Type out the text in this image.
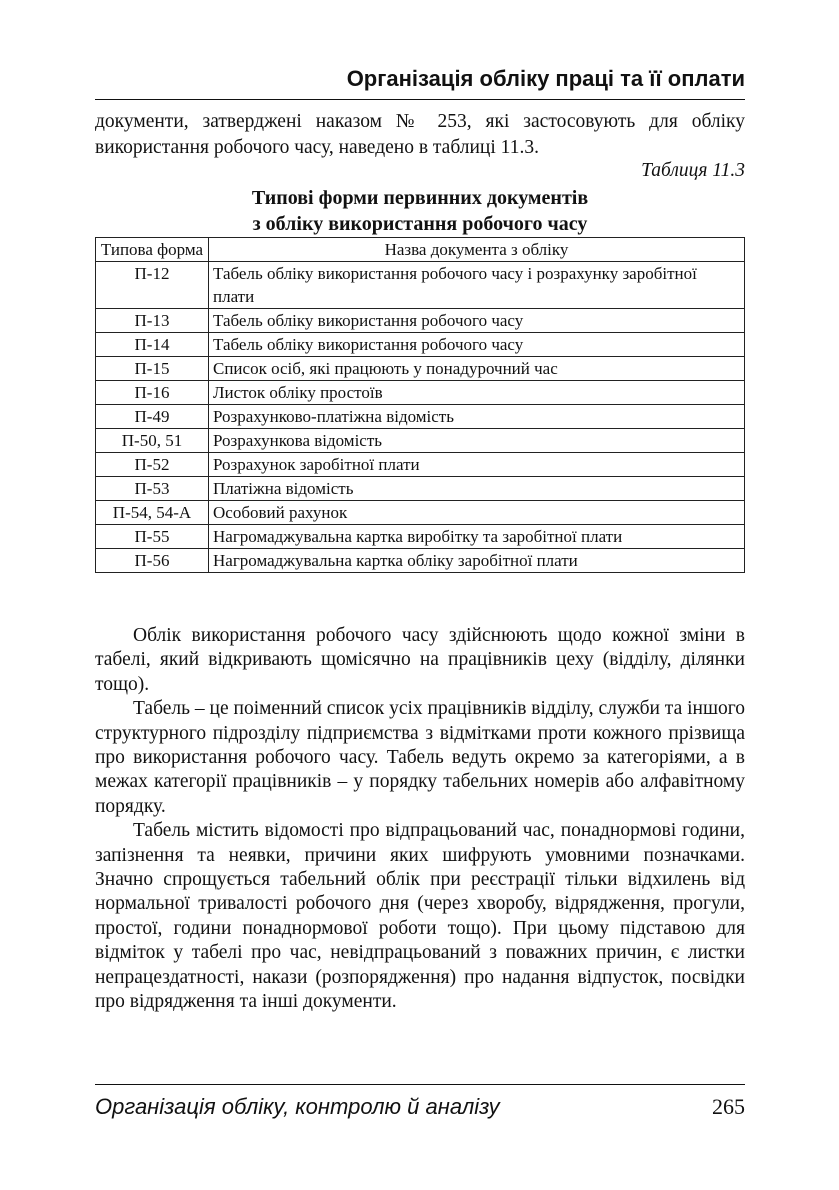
Організація обліку праці та її оплати
документи, затверджені наказом № 253, які застосовують для обліку використання робочого часу, наведено в таблиці 11.3.
Таблиця 11.3
Типові форми первинних документів
з обліку використання робочого часу
Типова форма	Назва документа з обліку
П-12	Табель обліку використання робочого часу і розрахунку заробітної плати
П-13	Табель обліку використання робочого часу
П-14	Табель обліку використання робочого часу
П-15	Список осіб, які працюють у понадурочний час
П-16	Листок обліку простоїв
П-49	Розрахунково-платіжна відомість
П-50, 51	Розрахункова відомість
П-52	Розрахунок заробітної плати
П-53	Платіжна відомість
П-54, 54-А	Особовий рахунок
П-55	Нагромаджувальна картка виробітку та заробітної плати
П-56	Нагромаджувальна картка обліку заробітної плати

Облік використання робочого часу здійснюють щодо кожної зміни в табелі, який відкривають щомісячно на працівників цеху (відділу, ділянки тощо).

Табель – це поіменний список усіх працівників відділу, служби та іншого структурного підрозділу підприємства з відмітками проти кожного прізвища про використання робочого часу. Табель ведуть окремо за категоріями, а в межах категорії працівників – у порядку табельних номерів або алфавітному порядку.

Табель містить відомості про відпрацьований час, понаднормові години, запізнення та неявки, причини яких шифрують умовними позначками. Значно спрощується табельний облік при реєстрації тільки відхилень від нормальної тривалості робочого дня (через хворобу, відрядження, прогули, простої, години понаднормової роботи тощо). При цьому підставою для відміток у табелі про час, невідпрацьований з поважних причин, є листки непрацездатності, накази (розпорядження) про надання відпусток, посвідки про відрядження та інші документи.

Організація обліку, контролю й аналізу	265
